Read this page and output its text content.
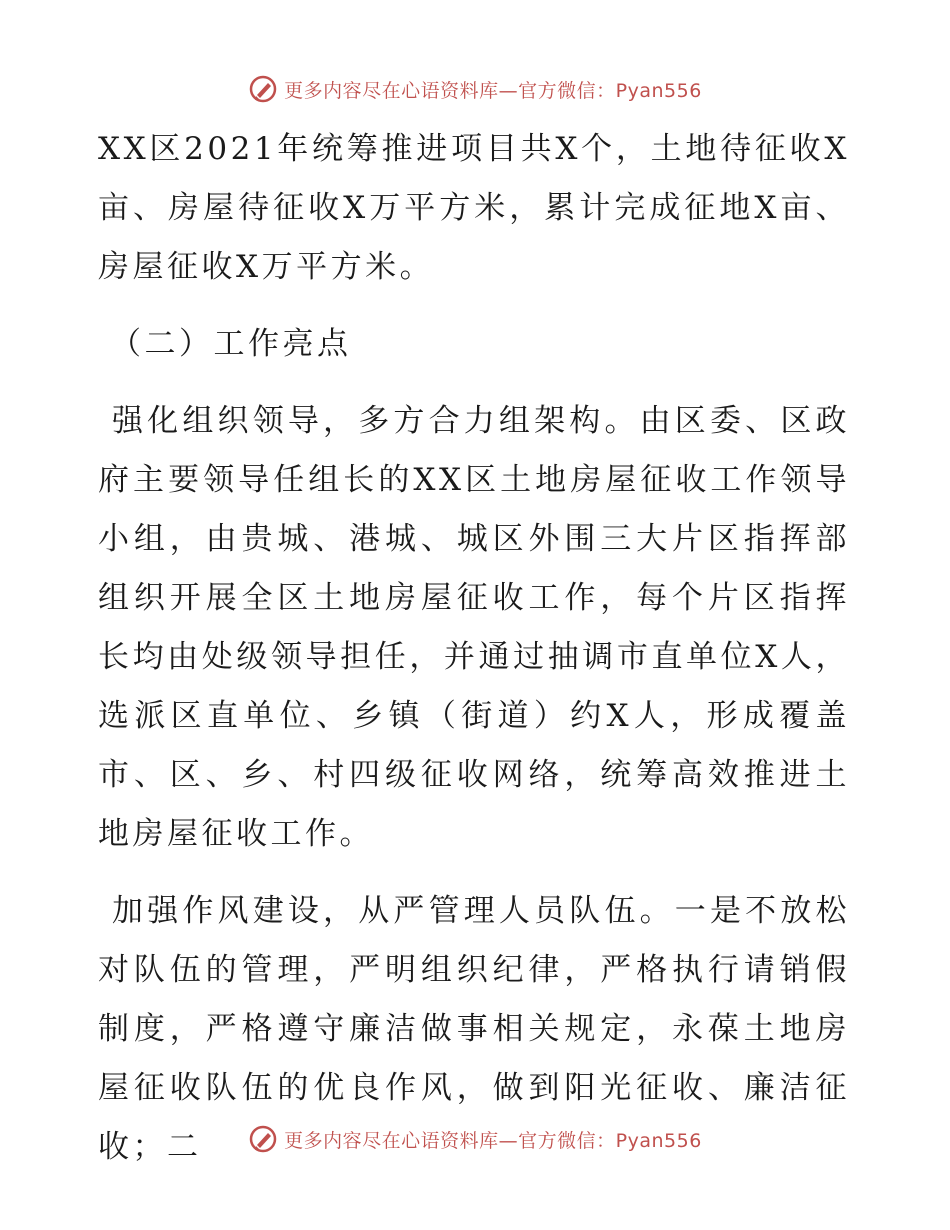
更多内容尽在心语资料库—官方微信：Pyan556

XX区2021年统筹推进项目共X个，土地待征收X亩、房屋待征收X万平方米，累计完成征地X亩、房屋征收X万平方米。

（二）工作亮点

强化组织领导，多方合力组架构。由区委、区政府主要领导任组长的XX区土地房屋征收工作领导小组，由贵城、港城、城区外围三大片区指挥部组织开展全区土地房屋征收工作，每个片区指挥长均由处级领导担任，并通过抽调市直单位X人，选派区直单位、乡镇（街道）约X人，形成覆盖市、区、乡、村四级征收网络，统筹高效推进土地房屋征收工作。

加强作风建设，从严管理人员队伍。一是不放松对队伍的管理，严明组织纪律，严格执行请销假制度，严格遵守廉洁做事相关规定，永葆土地房屋征收队伍的优良作风，做到阳光征收、廉洁征收；二	更多内容尽在心语资料库—官方微信：Pyan556
